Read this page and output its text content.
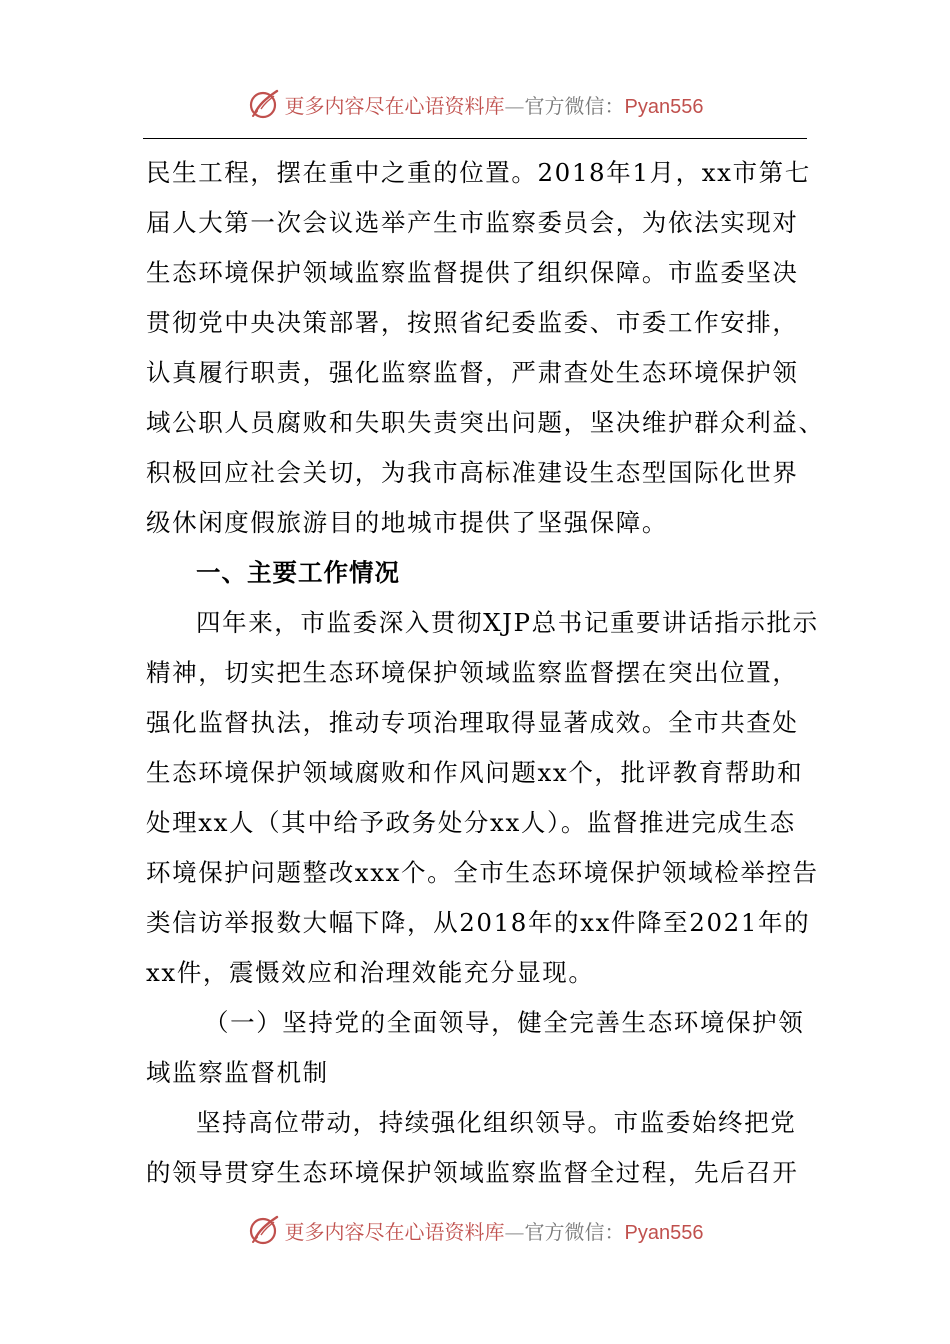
更多内容尽在心语资料库—官方微信：Pyan556
民生工程，摆在重中之重的位置。2018年1月，xx市第七
届人大第一次会议选举产生市监察委员会，为依法实现对
生态环境保护领域监察监督提供了组织保障。市监委坚决
贯彻党中央决策部署，按照省纪委监委、市委工作安排，
认真履行职责，强化监察监督，严肃查处生态环境保护领
域公职人员腐败和失职失责突出问题，坚决维护群众利益、
积极回应社会关切，为我市高标准建设生态型国际化世界
级休闲度假旅游目的地城市提供了坚强保障。
一、主要工作情况
四年来，市监委深入贯彻XJP总书记重要讲话指示批示
精神，切实把生态环境保护领域监察监督摆在突出位置，
强化监督执法，推动专项治理取得显著成效。全市共查处
生态环境保护领域腐败和作风问题xx个，批评教育帮助和
处理xx人（其中给予政务处分xx人）。监督推进完成生态
环境保护问题整改xxx个。全市生态环境保护领域检举控告
类信访举报数大幅下降，从2018年的xx件降至2021年的
xx件，震慑效应和治理效能充分显现。
（一）坚持党的全面领导，健全完善生态环境保护领
域监察监督机制
坚持高位带动，持续强化组织领导。市监委始终把党
的领导贯穿生态环境保护领域监察监督全过程，先后召开
更多内容尽在心语资料库—官方微信：Pyan556
